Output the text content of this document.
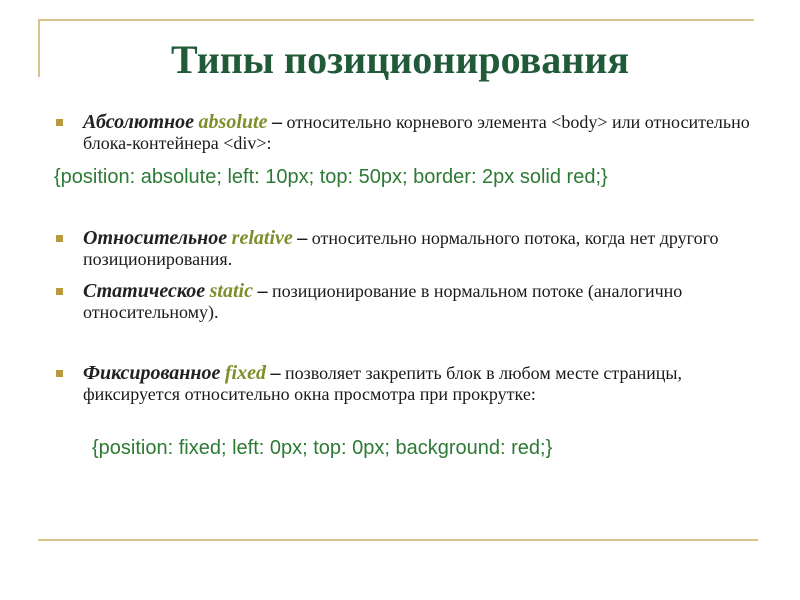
Типы позиционирования
Абсолютное absolute – относительно корневого элемента <body> или относительно блока-контейнера <div>:
{position: absolute; left: 10px; top: 50px; border: 2px solid red;}
Относительное relative – относительно нормального потока, когда нет другого позиционирования.
Статическое static – позиционирование в нормальном потоке (аналогично относительному).
Фиксированное fixed – позволяет закрепить блок в любом месте страницы, фиксируется относительно окна просмотра при прокрутке:
{position: fixed; left: 0px; top: 0px; background: red;}
